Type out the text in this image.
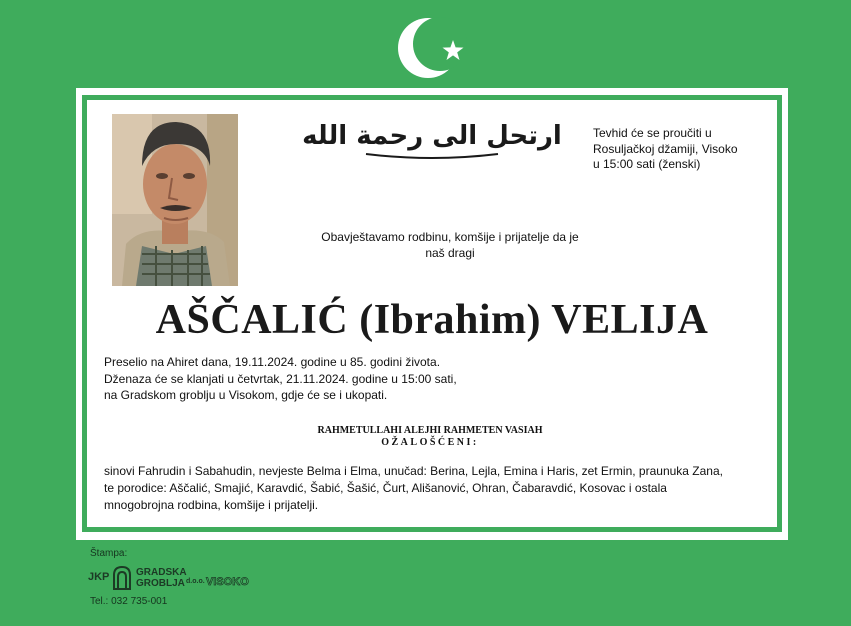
ارتحل الى رحمة الله	Tevhid će se proučiti u
Rosuljačkoj džamiji, Visoko
u 15:00 sati (ženski)
Obavještavamo rodbinu, komšije i prijatelje da je
naš dragi
AŠČALIĆ (Ibrahim) VELIJA
Preselio na Ahiret dana, 19.11.2024. godine u 85. godini života.
Dženaza će se klanjati u četvrtak, 21.11.2024. godine u 15:00 sati,
na Gradskom groblju u Visokom, gdje će se i ukopati.
RAHMETULLAHI ALEJHI RAHMETEN VASIAH
OŽALOŠĆENI:
sinovi Fahrudin i Sabahudin, nevjeste Belma i Elma, unučad: Berina, Lejla, Emina i Haris, zet Ermin, praunuka Zana, te porodice: Aščalić, Smajić, Karavdić, Šabić, Šašić, Čurt, Ališanović, Ohran, Čabaravdić, Kosovac i ostala mnogobrojna rodbina, komšije i prijatelji.
Štampa:
JKP	GRADSKA
GROBLJA d.o.o. VISOKO
Tel.: 032 735-001
